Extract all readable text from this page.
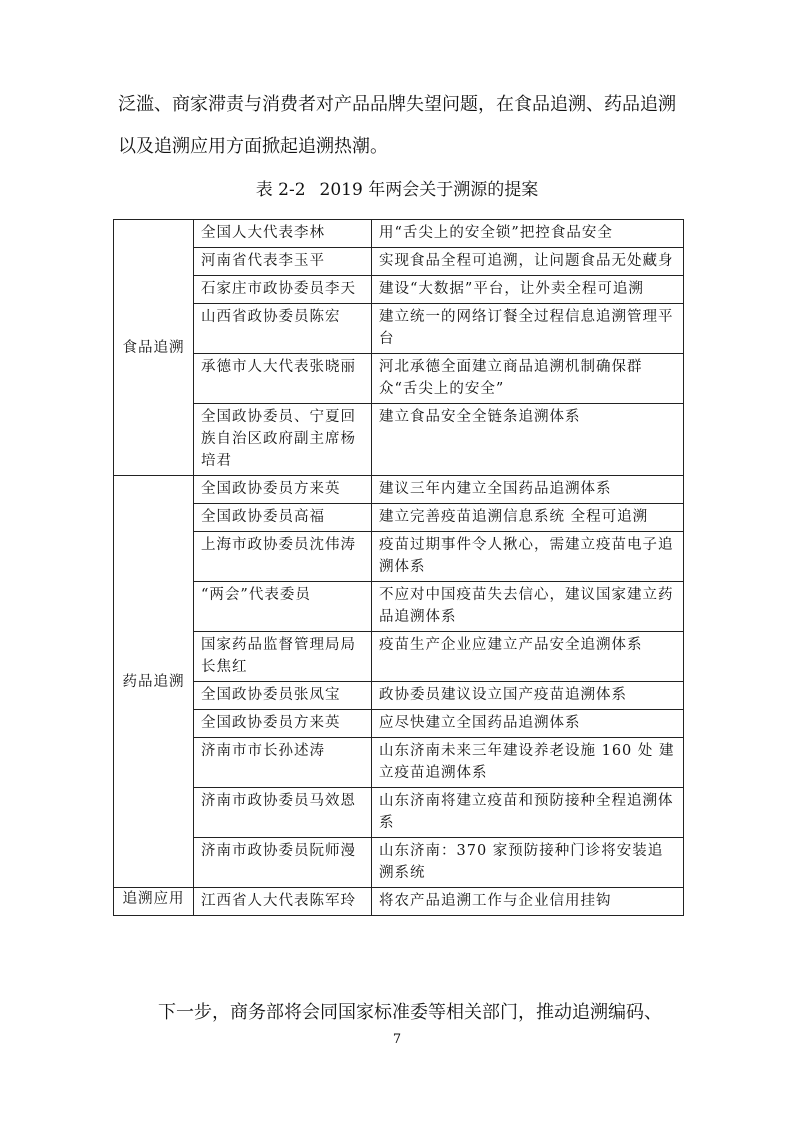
泛滥、商家滞责与消费者对产品品牌失望问题，在食品追溯、药品追溯以及追溯应用方面掀起追溯热潮。

表 2-2 2019 年两会关于溯源的提案

食品追溯	全国人大代表李林	用“舌尖上的安全锁”把控食品安全
	河南省代表李玉平	实现食品全程可追溯，让问题食品无处藏身
	石家庄市政协委员李天	建设“大数据”平台，让外卖全程可追溯
	山西省政协委员陈宏	建立统一的网络订餐全过程信息追溯管理平台
	承德市人大代表张晓丽	河北承德全面建立商品追溯机制确保群众“舌尖上的安全”
	全国政协委员、宁夏回族自治区政府副主席杨培君	建立食品安全全链条追溯体系
药品追溯	全国政协委员方来英	建议三年内建立全国药品追溯体系
	全国政协委员高福	建立完善疫苗追溯信息系统 全程可追溯
	上海市政协委员沈伟涛	疫苗过期事件令人揪心，需建立疫苗电子追溯体系
	“两会”代表委员	不应对中国疫苗失去信心，建议国家建立药品追溯体系
	国家药品监督管理局局长焦红	疫苗生产企业应建立产品安全追溯体系
	全国政协委员张凤宝	政协委员建议设立国产疫苗追溯体系
	全国政协委员方来英	应尽快建立全国药品追溯体系
	济南市市长孙述涛	山东济南未来三年建设养老设施 160 处 建立疫苗追溯体系
	济南市政协委员马效恩	山东济南将建立疫苗和预防接种全程追溯体系
	济南市政协委员阮师漫	山东济南：370 家预防接种门诊将安装追溯系统
追溯应用	江西省人大代表陈军玲	将农产品追溯工作与企业信用挂钩

下一步，商务部将会同国家标准委等相关部门，推动追溯编码、

7
